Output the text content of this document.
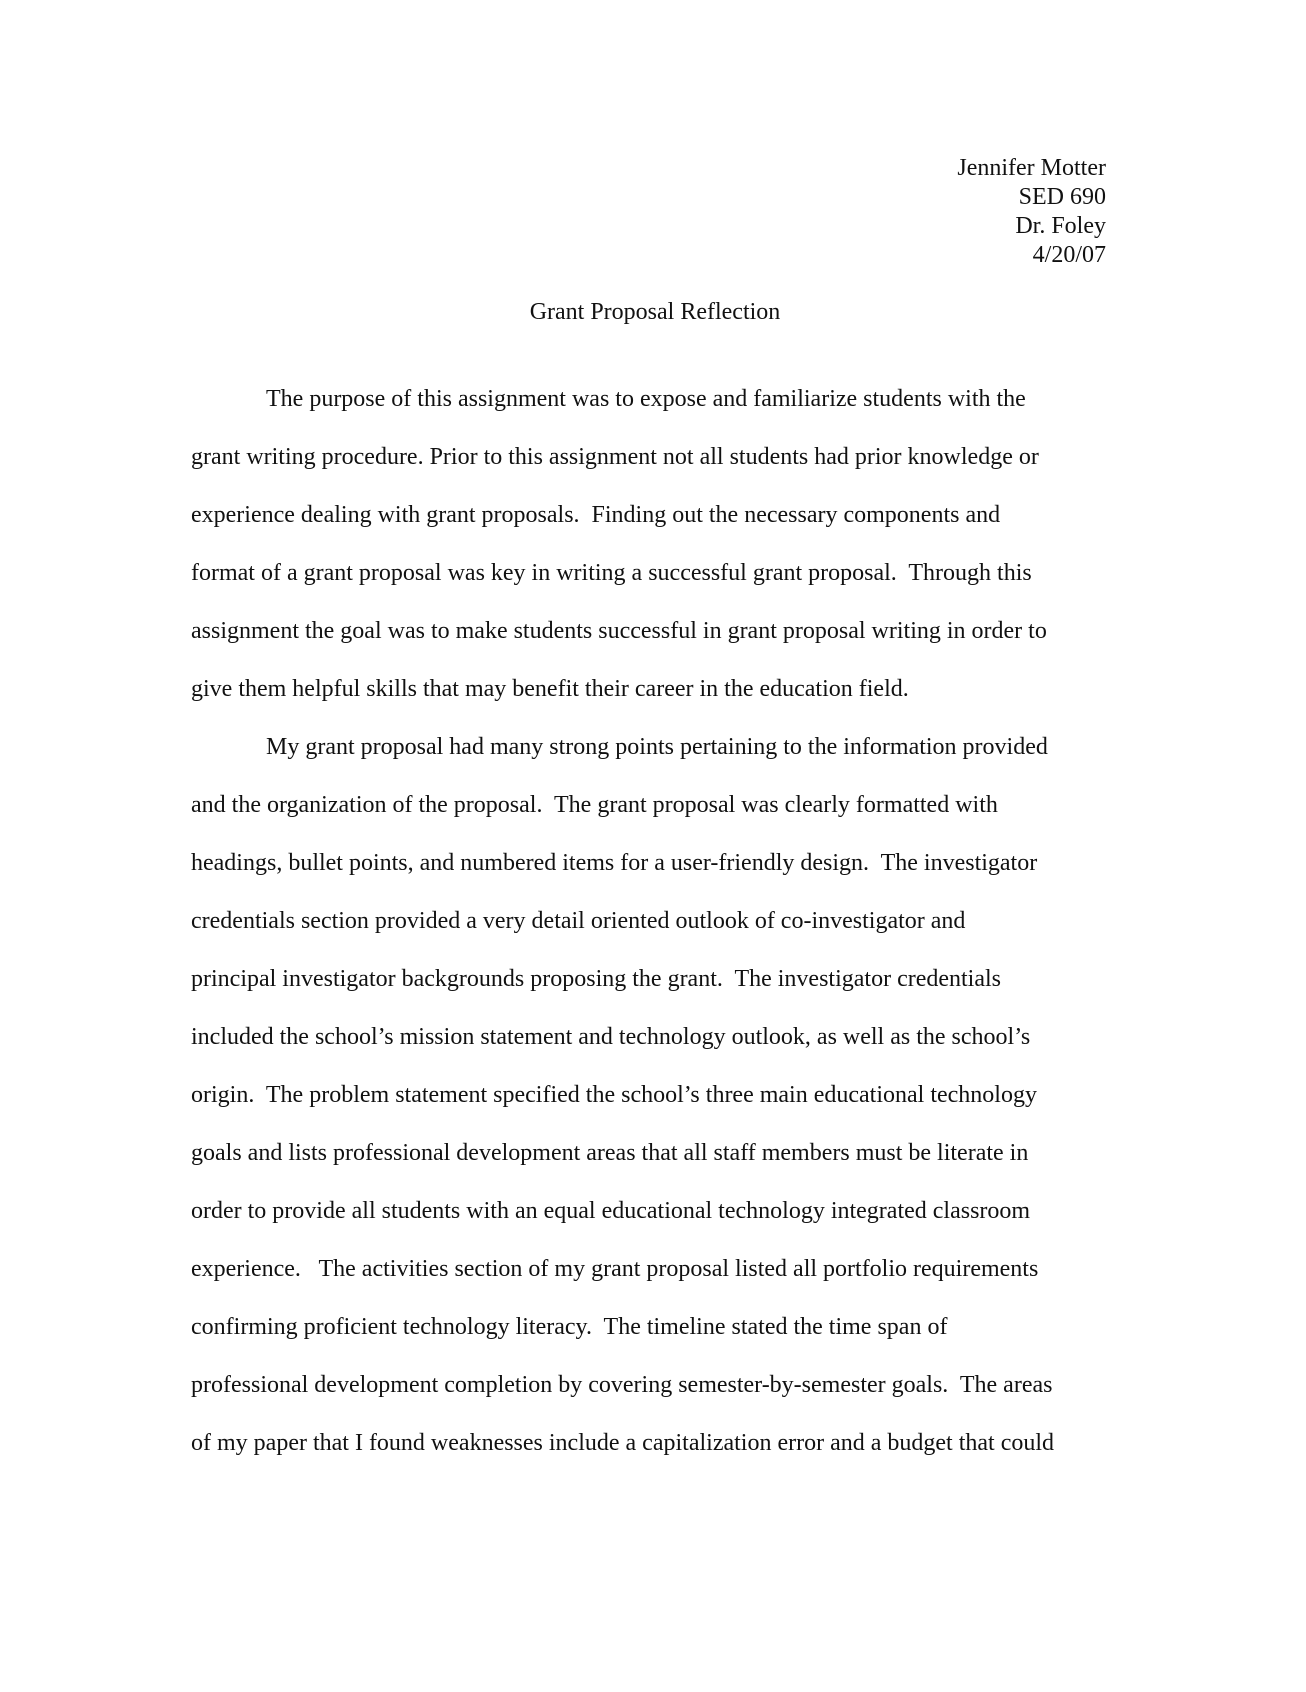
Jennifer Motter
SED 690
Dr. Foley
4/20/07
Grant Proposal Reflection
The purpose of this assignment was to expose and familiarize students with the
grant writing procedure. Prior to this assignment not all students had prior knowledge or
experience dealing with grant proposals.  Finding out the necessary components and
format of a grant proposal was key in writing a successful grant proposal.  Through this
assignment the goal was to make students successful in grant proposal writing in order to
give them helpful skills that may benefit their career in the education field.
My grant proposal had many strong points pertaining to the information provided
and the organization of the proposal.  The grant proposal was clearly formatted with
headings, bullet points, and numbered items for a user-friendly design.  The investigator
credentials section provided a very detail oriented outlook of co-investigator and
principal investigator backgrounds proposing the grant.  The investigator credentials
included the school’s mission statement and technology outlook, as well as the school’s
origin.  The problem statement specified the school’s three main educational technology
goals and lists professional development areas that all staff members must be literate in
order to provide all students with an equal educational technology integrated classroom
experience.   The activities section of my grant proposal listed all portfolio requirements
confirming proficient technology literacy.  The timeline stated the time span of
professional development completion by covering semester-by-semester goals.  The areas
of my paper that I found weaknesses include a capitalization error and a budget that could
